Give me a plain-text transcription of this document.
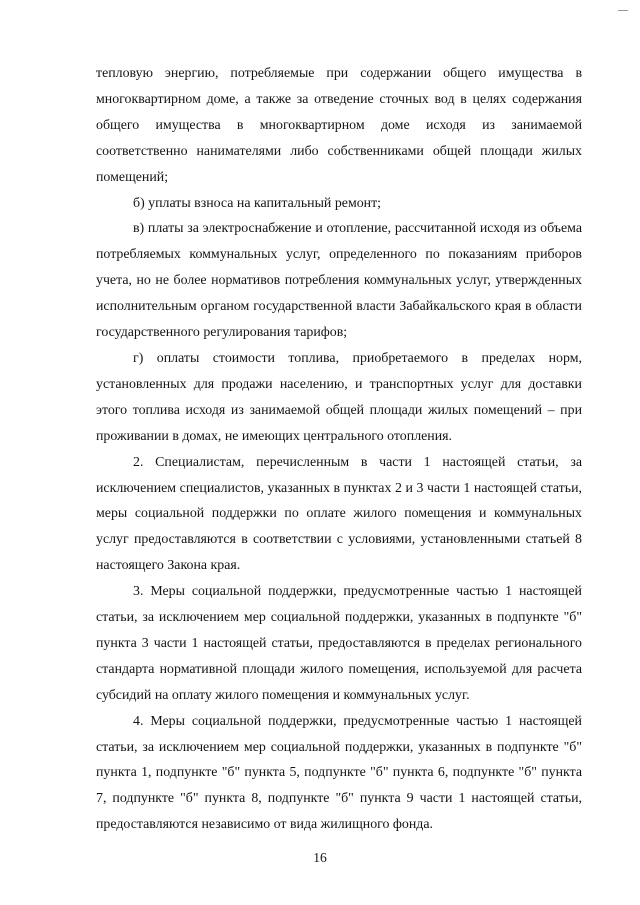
тепловую энергию, потребляемые при содержании общего имущества в многоквартирном доме, а также за отведение сточных вод в целях содержания общего имущества в многоквартирном доме исходя из занимаемой соответственно нанимателями либо собственниками общей площади жилых помещений;

б) уплаты взноса на капитальный ремонт;

в) платы за электроснабжение и отопление, рассчитанной исходя из объема потребляемых коммунальных услуг, определенного по показаниям приборов учета, но не более нормативов потребления коммунальных услуг, утвержденных исполнительным органом государственной власти Забайкальского края в области государственного регулирования тарифов;

г) оплаты стоимости топлива, приобретаемого в пределах норм, установленных для продажи населению, и транспортных услуг для доставки этого топлива исходя из занимаемой общей площади жилых помещений – при проживании в домах, не имеющих центрального отопления.

2. Специалистам, перечисленным в части 1 настоящей статьи, за исключением специалистов, указанных в пунктах 2 и 3 части 1 настоящей статьи, меры социальной поддержки по оплате жилого помещения и коммунальных услуг предоставляются в соответствии с условиями, установленными статьей 8 настоящего Закона края.

3. Меры социальной поддержки, предусмотренные частью 1 настоящей статьи, за исключением мер социальной поддержки, указанных в подпункте "б" пункта 3 части 1 настоящей статьи, предоставляются в пределах регионального стандарта нормативной площади жилого помещения, используемой для расчета субсидий на оплату жилого помещения и коммунальных услуг.

4. Меры социальной поддержки, предусмотренные частью 1 настоящей статьи, за исключением мер социальной поддержки, указанных в подпункте "б" пункта 1, подпункте "б" пункта 5, подпункте "б" пункта 6, подпункте "б" пункта 7, подпункте "б" пункта 8, подпункте "б" пункта 9 части 1 настоящей статьи, предоставляются независимо от вида жилищного фонда.

16
